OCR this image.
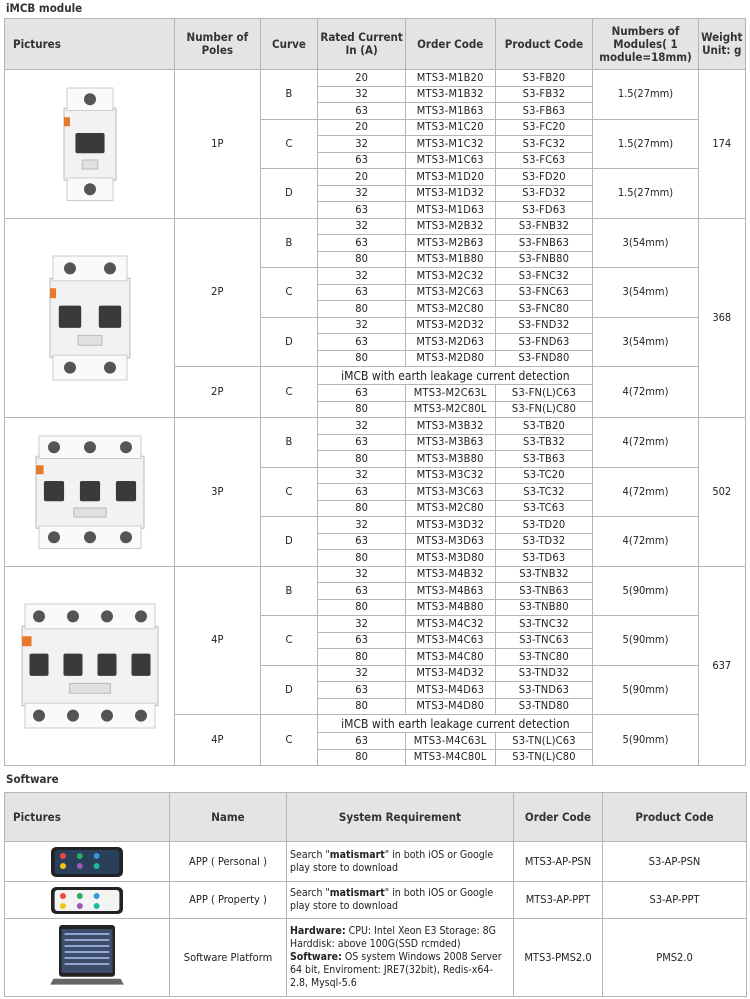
iMCB module
Pictures	Number of Poles	Curve	Rated Current In (A)	Order Code	Product Code	Numbers of Modules( 1 module=18mm)	Weight Unit: g

	1P	B	20	MTS3-M1B20	S3-FB20	1.5(27mm)	174
			32	MTS3-M1B32	S3-FB32		
			63	MTS3-M1B63	S3-FB63		
		C	20	MTS3-M1C20	S3-FC20	1.5(27mm)	
			32	MTS3-M1C32	S3-FC32		
			63	MTS3-M1C63	S3-FC63		
		D	20	MTS3-M1D20	S3-FD20	1.5(27mm)	
			32	MTS3-M1D32	S3-FD32		
			63	MTS3-M1D63	S3-FD63		

	2P	B	32	MTS3-M2B32	S3-FNB32	3(54mm)	368
			63	MTS3-M2B63	S3-FNB63		
			80	MTS3-M1B80	S3-FNB80		
		C	32	MTS3-M2C32	S3-FNC32	3(54mm)	
			63	MTS3-M2C63	S3-FNC63		
			80	MTS3-M2C80	S3-FNC80		
		D	32	MTS3-M2D32	S3-FND32	3(54mm)	
			63	MTS3-M2D63	S3-FND63		
			80	MTS3-M2D80	S3-FND80		
	2P	C	iMCB with earth leakage current detection			4(72mm)	
			63	MTS3-M2C63L	S3-FN(L)C63		
			80	MTS3-M2C80L	S3-FN(L)C80		

	3P	B	32	MTS3-M3B32	S3-TB20	4(72mm)	502
			63	MTS3-M3B63	S3-TB32		
			80	MTS3-M3B80	S3-TB63		
		C	32	MTS3-M3C32	S3-TC20	4(72mm)	
			63	MTS3-M3C63	S3-TC32		
			80	MTS3-M2C80	S3-TC63		
		D	32	MTS3-M3D32	S3-TD20	4(72mm)	
			63	MTS3-M3D63	S3-TD32		
			80	MTS3-M3D80	S3-TD63		

	4P	B	32	MTS3-M4B32	S3-TNB32	5(90mm)	637
			63	MTS3-M4B63	S3-TNB63		
			80	MTS3-M4B80	S3-TNB80		
		C	32	MTS3-M4C32	S3-TNC32	5(90mm)	
			63	MTS3-M4C63	S3-TNC63		
			80	MTS3-M4C80	S3-TNC80		
		D	32	MTS3-M4D32	S3-TND32	5(90mm)	
			63	MTS3-M4D63	S3-TND63		
			80	MTS3-M4D80	S3-TND80		
	4P	C	iMCB with earth leakage current detection			5(90mm)	
			63	MTS3-M4C63L	S3-TN(L)C63		
			80	MTS3-M4C80L	S3-TN(L)C80		
Software
Pictures	Name	System Requirement	Order Code	Product Code

	APP ( Personal )	Search "matismart" in both iOS or Google play store to download	MTS3-AP-PSN	S3-AP-PSN

	APP ( Property )	Search "matismart" in both iOS or Google play store to download	MTS3-AP-PPT	S3-AP-PPT

	Software Platform	Hardware: CPU: Intel Xeon E3 Storage: 8G Harddisk: above 100G(SSD rcmded) Software: OS system Windows 2008 Server 64 bit, Enviroment: JRE7(32bit), Redis-x64-2.8, Mysql-5.6	MTS3-PMS2.0	PMS2.0
